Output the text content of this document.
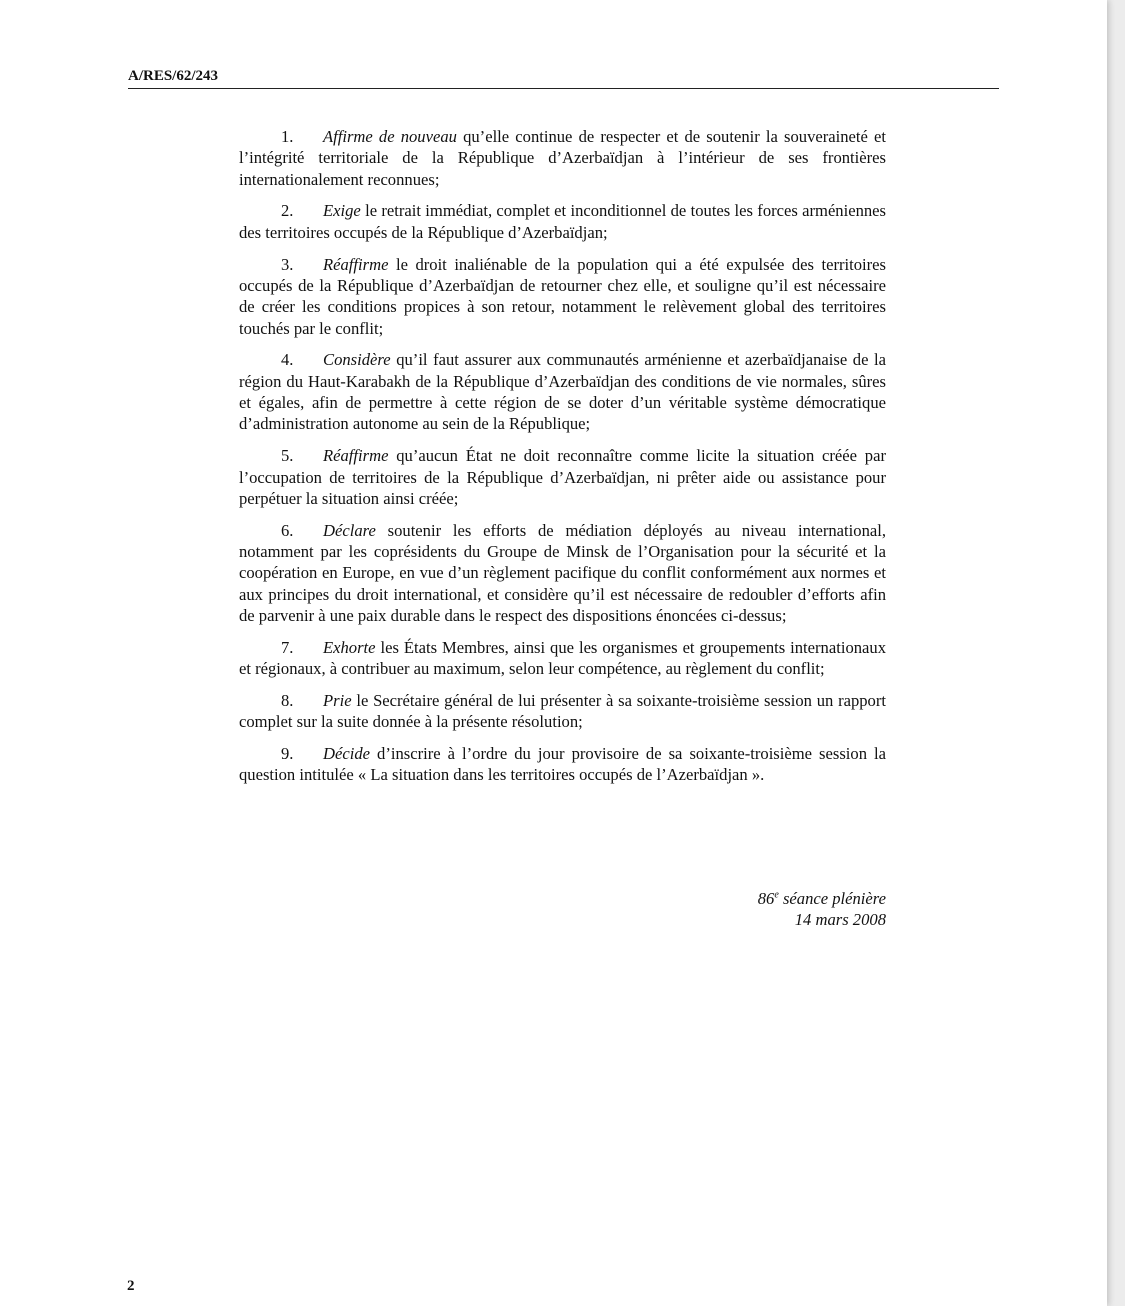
A/RES/62/243

1. Affirme de nouveau qu’elle continue de respecter et de soutenir la souveraineté et l’intégrité territoriale de la République d’Azerbaïdjan à l’intérieur de ses frontières internationalement reconnues;

2. Exige le retrait immédiat, complet et inconditionnel de toutes les forces arméniennes des territoires occupés de la République d’Azerbaïdjan;

3. Réaffirme le droit inaliénable de la population qui a été expulsée des territoires occupés de la République d’Azerbaïdjan de retourner chez elle, et souligne qu’il est nécessaire de créer les conditions propices à son retour, notamment le relèvement global des territoires touchés par le conflit;

4. Considère qu’il faut assurer aux communautés arménienne et azerbaïdjanaise de la région du Haut-Karabakh de la République d’Azerbaïdjan des conditions de vie normales, sûres et égales, afin de permettre à cette région de se doter d’un véritable système démocratique d’administration autonome au sein de la République;

5. Réaffirme qu’aucun État ne doit reconnaître comme licite la situation créée par l’occupation de territoires de la République d’Azerbaïdjan, ni prêter aide ou assistance pour perpétuer la situation ainsi créée;

6. Déclare soutenir les efforts de médiation déployés au niveau international, notamment par les coprésidents du Groupe de Minsk de l’Organisation pour la sécurité et la coopération en Europe, en vue d’un règlement pacifique du conflit conformément aux normes et aux principes du droit international, et considère qu’il est nécessaire de redoubler d’efforts afin de parvenir à une paix durable dans le respect des dispositions énoncées ci-dessus;

7. Exhorte les États Membres, ainsi que les organismes et groupements internationaux et régionaux, à contribuer au maximum, selon leur compétence, au règlement du conflit;

8. Prie le Secrétaire général de lui présenter à sa soixante-troisième session un rapport complet sur la suite donnée à la présente résolution;

9. Décide d’inscrire à l’ordre du jour provisoire de sa soixante-troisième session la question intitulée « La situation dans les territoires occupés de l’Azerbaïdjan ».

86e séance plénière
14 mars 2008
2
